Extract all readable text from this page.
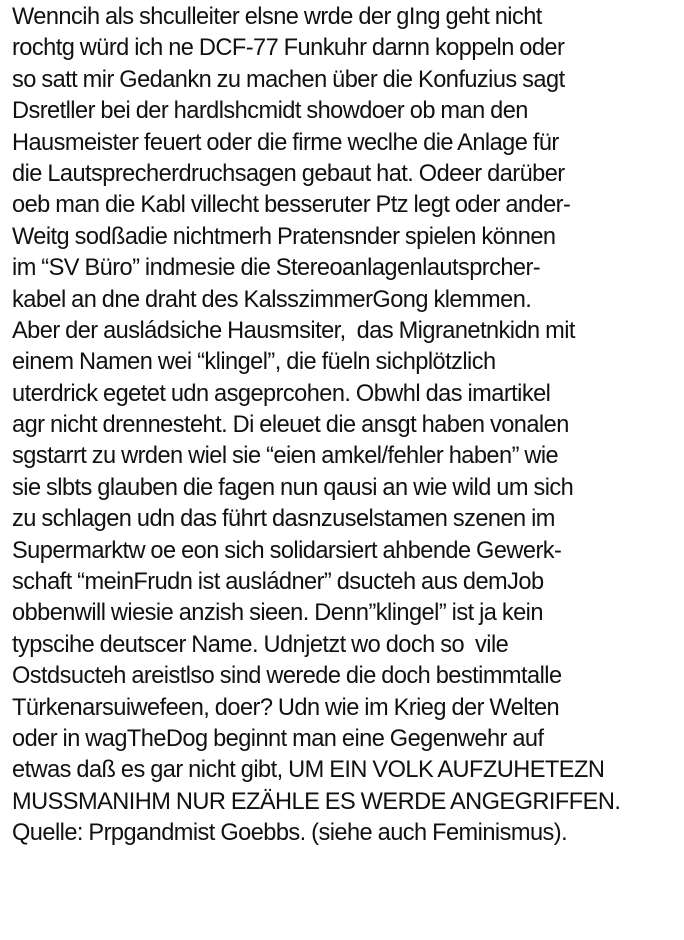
Wenncih als shculleiter elsne wrde der gIng geht nicht
rochtg würd ich ne DCF-77 Funkuhr darnn koppeln oder
so satt mir Gedankn zu machen über die Konfuzius sagt
Dsretller bei der hardlshcmidt showdoer ob man den
Hausmeister feuert oder die firme weclhe die Anlage für
die Lautsprecherdruchsagen gebaut hat. Odeer darüber
oeb man die Kabl villecht besseruter Ptz legt oder ander-
Weitg sodßadie nichtmerh Pratensnder spielen können
im “SV Büro” indmesie die Stereoanlagenlautsprcher-
kabel an dne draht des KalsszimmerGong klemmen.
Aber der ausládsiche Hausmsiter,  das Migranetnkidn mit
einem Namen wei “klingel”, die füeln sichplötzlich
uterdrick egetet udn asgeprcohen. Obwhl das imartikel
agr nicht drennesteht. Di eleuet die ansgt haben vonalen
sgstarrt zu wrden wiel sie “eien amkel/fehler haben” wie
sie slbts glauben die fagen nun qausi an wie wild um sich
zu schlagen udn das führt dasnzuselstamen szenen im
Supermarktw oe eon sich solidarsiert ahbende Gewerk-
schaft “meinFrudn ist ausládner” dsucteh aus demJob
obbenwill wiesie anzish sieen. Denn”klingel” ist ja kein
typscihe deutscer Name. Udnjetzt wo doch so  vile
Ostdsucteh areistlso sind werede die doch bestimmtalle
Türkenarsuiwefeen, doer? Udn wie im Krieg der Welten
oder in wagTheDog beginnt man eine Gegenwehr auf
etwas daß es gar nicht gibt, UM EIN VOLK AUFZUHETEZN
MUSSMANIHM NUR EZÄHLE ES WERDE ANGEGRIFFEN.
Quelle: Prpgandmist Goebbs. (siehe auch Feminismus).
